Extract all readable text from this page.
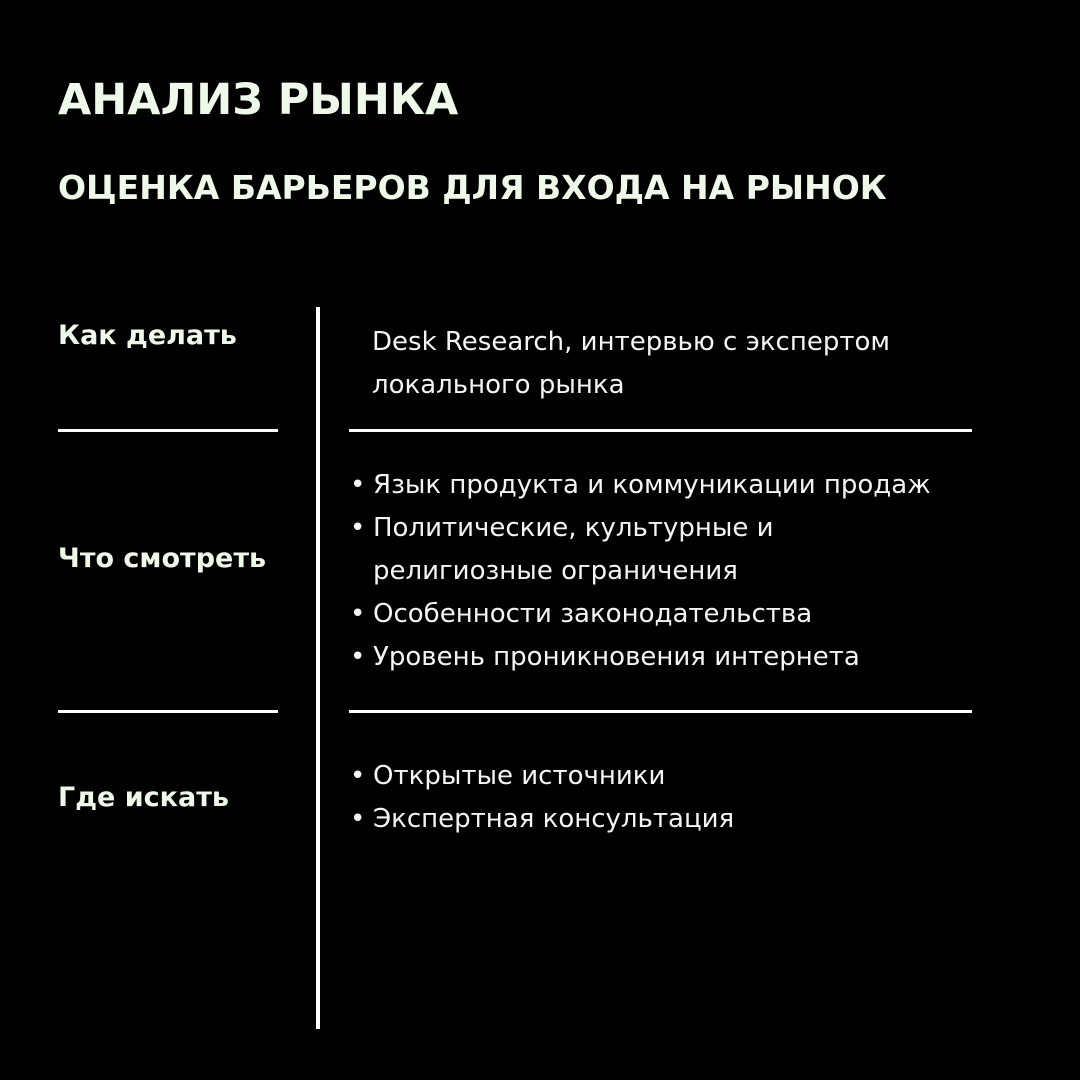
АНАЛИЗ РЫНКА
ОЦЕНКА БАРЬЕРОВ ДЛЯ ВХОДА НА РЫНОК
Как делать	Desk Research, интервью с экспертом
локального рынка
Что смотреть
• Язык продукта и коммуникации продаж
• Политические, культурные и
религиозные ограничения
• Особенности законодательства
• Уровень проникновения интернета
Где искать
• Открытые источники
• Экспертная консультация
